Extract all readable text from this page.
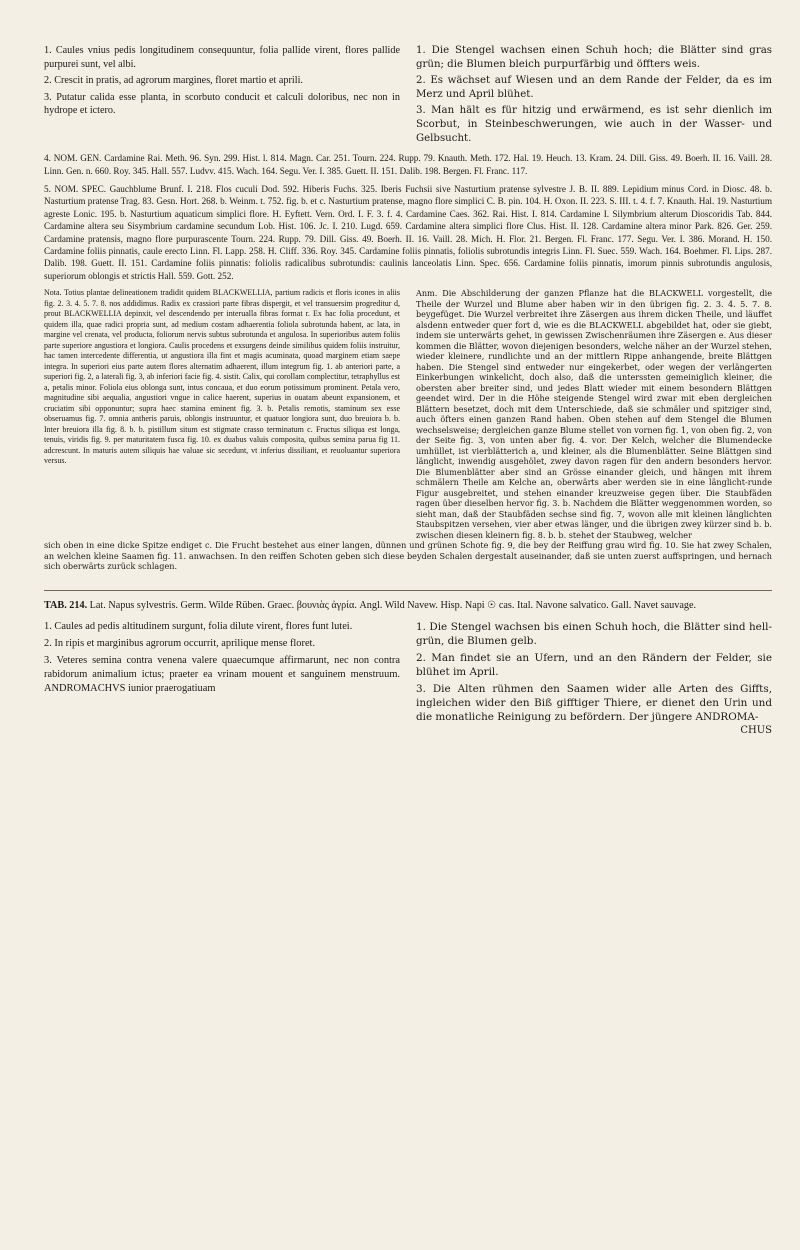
1. Caules vnius pedis longitudinem consequuntur, folia pallide virent, flores pallide purpurei sunt, vel albi.

2. Crescit in pratis, ad agrorum margines, floret martio et aprili.

3. Putatur calida esse planta, in scorbuto conducit et calculi doloribus, nec non in hydrope et ictero.

1. Die Stengel wachsen einen Schuh hoch; die Blätter sind gras grün; die Blumen bleich purpurfärbig und öffters weis.

2. Es wächset auf Wiesen und an dem Rande der Felder, da es im Merz und April blühet.

3. Man hält es für hitzig und erwärmend, es ist sehr dienlich im Scorbut, in Steinbeschwerungen, wie auch in der Wasser- und Gelbsucht.

4. NOM. GEN. Cardamine Rai. Meth. 96. Syn. 299. Hist. l. 814. Magn. Car. 251. Tourn. 224. Rupp. 79. Knauth. Meth. 172. Hal. 19. Heuch. 13. Kram. 24. Dill. Giss. 49. Boerh. II. 16. Vaill. 28. Linn. Gen. n. 660. Roy. 345. Hall. 557. Ludvv. 415. Wach. 164. Segu. Ver. I. 385. Guett. II. 151. Dalib. 198. Bergen. Fl. Franc. 117.

5. NOM. SPEC. Gauchblume Brunf. I. 218. Flos cuculi Dod. 592. Hiberis Fuchs. 325. Iberis Fuchsii sive Nasturtium pratense sylvestre J. B. II. 889. Lepidium minus Cord. in Diosc. 48. b. Nasturtium pratense Trag. 83. Gesn. Hort. 268. b. Weinm. t. 752. fig. b. et c. Nasturtium pratense, magno flore simplici C. B. pin. 104. H. Oxon. II. 223. S. III. t. 4. f. 7. Knauth. Hal. 19. Nasturtium agreste Lonic. 195. b. Nasturtium aquaticum simplici flore. H. Eyftett. Vern. Ord. I. F. 3. f. 4. Cardamine Caes. 362. Rai. Hist. I. 814. Cardamine I. Silymbrium alterum Dioscoridis Tab. 844. Cardamine altera seu Sisymbrium cardamine secundum Lob. Hist. 106. Jc. I. 210. Lugd. 659. Cardamine altera simplici flore Clus. Hist. II. 128. Cardamine altera minor Park. 826. Ger. 259. Cardamine pratensis, magno flore purpurascente Tourn. 224. Rupp. 79. Dill. Giss. 49. Boerh. II. 16. Vaill. 28. Mich. H. Flor. 21. Bergen. Fl. Franc. 177. Segu. Ver. I. 386. Morand. H. 150. Cardamine foliis pinnatis, caule erecto Linn. Fl. Lapp. 258. H. Cliff. 336. Roy. 345. Cardamine foliis pinnatis, foliolis subrotundis integris Linn. Fl. Suec. 559. Wach. 164. Boehmer. Fl. Lips. 287. Dalib. 198. Guett. II. 151. Cardamine foliis pinnatis: foliolis radicalibus subrotundis: caulinis lanceolatis Linn. Spec. 656. Cardamine foliis pinnatis, imorum pinnis subrotundis angulosis, superiorum oblongis et strictis Hall. 559. Gott. 252.

Nota. Totius plantae delineationem tradidit quidem BLACKWELLIA, partium radicis et floris icones in aliis fig. 2. 3. 4. 5. 7. 8. nos addidimus. Radix ex crassiori parte fibras dispergit, et vel transuersim progreditur d, prout BLACKWELLIA depinxit, vel descendendo per interualla fibras format r. Ex hac folia procedunt, et quidem illa, quae radici propria sunt, ad medium costam adhaerentia foliola subrotunda habent, ac lata, in margine vel crenata, vel producta, foliorum nervis subtus subrotunda et angulosa. In superioribus autem foliis parte superiore angustiora et longiora. Caulis procedens et exsurgens deinde similibus quidem foliis instruitur, hac tamen intercedente differentia, ut angustiora illa fint et magis acuminata, quoad marginem etiam saepe integra. In superiori eius parte autem flores alternatim adhaerent, illum integrum fig. 1. ab anteriori parte, a superiori fig. 2, a laterali fig. 3, ab inferiori facie fig. 4. sistit. Calix, qui corollam complectitur, tetraphyllus est a, petalis minor. Foliola eius oblonga sunt, intus concaua, et duo eorum potissimum prominent. Petala vero, magnitudine sibi aequalia, angustiori vngue in calice haerent, superius in ouatam abeunt expansionem, et cruciatim sibi opponuntur; supra haec stamina eminent fig. 3. b. Petalis remotis, staminum sex esse obseruamus fig. 7. omnia antheris paruis, oblongis instruuntur, et quatuor longiora sunt, duo breuiora b. b. Inter breuiora illa fig. 8. b. b. pistillum situm est stigmate crasso terminatum c. Fructus siliqua est longa, tenuis, viridis fig. 9. per maturitatem fusca fig. 10. ex duabus valuis composita, quibus semina parua fig 11. adcrescunt. In maturis autem siliquis hae valuae sic secedunt, vt inferius dissiliant, et reuoluantur superiora versus.
Anm. Die Abschilderung der ganzen Pflanze hat die BLACKWELL vorgestellt, die Theile der Wurzel und Blume aber haben wir in den übrigen fig. 2. 3. 4. 5. 7. 8. beygefüget. Die Wurzel verbreitet ihre Zäsergen aus ihrem dicken Theile, und läuffet alsdenn entweder quer fort d, wie es die BLACKWELL abgebildet hat, oder sie giebt, indem sie unterwärts gehet, in gewissen Zwischenräumen ihre Zäsergen e. Aus dieser kommen die Blätter, wovon diejenigen besonders, welche näher an der Wurzel stehen, wieder kleinere, rundlichte und an der mittlern Rippe anhangende, breite Blättgen haben. Die Stengel sind entweder nur eingekerbet, oder wegen der verlängerten Einkerbungen winkelicht, doch also, daß die unterssten gemeiniglich kleiner, die obersten aber breiter sind, und jedes Blatt wieder mit einem besondern Blättgen geendet wird. Der in die Höhe steigende Stengel wird zwar mit eben dergleichen Blättern besetzet, doch mit dem Unterschiede, daß sie schmäler und spitziger sind, auch öfters einen ganzen Rand haben. Oben stehen auf dem Stengel die Blumen wechselsweise; dergleichen ganze Blume stellet von vornen fig. 1, von oben fig. 2, von der Seite fig. 3, von unten aber fig. 4. vor. Der Kelch, welcher die Blumendecke umhüllet, ist vierblätterich a, und kleiner, als die Blumenblätter. Seine Blättgen sind länglicht, inwendig ausgehölet, zwey davon ragen für den andern besonders hervor. Die Blumenblätter aber sind an Grösse einander gleich, und hängen mit ihrem schmälern Theile am Kelche an, oberwärts aber werden sie in eine länglicht-runde Figur ausgebreitet, und stehen einander kreuzweise gegen über. Die Staubfäden ragen über dieselben hervor fig. 3. b. Nachdem die Blätter weggenommen worden, so sieht man, daß der Staubfäden sechse sind fig. 7, wovon alle mit kleinen länglichten Staubspitzen versehen, vier aber etwas länger, und die übrigen zwey kürzer sind b. b. zwischen diesen kleinern fig. 8. b. b. stehet der Staubweg, welcher

sich oben in eine dicke Spitze endiget c. Die Frucht bestehet aus einer langen, dünnen und grünen Schote fig. 9, die bey der Reiffung grau wird fig. 10. Sie hat zwey Schalen, an welchen kleine Saamen fig. 11. anwachsen. In den reiffen Schoten geben sich diese beyden Schalen dergestalt auseinander, daß sie unten zuerst auffspringen, und hernach sich oberwärts zurück schlagen.

TAB. 214. Lat. Napus sylvestris. Germ. Wilde Rüben. Graec. βουνιὰς ἀγρία. Angl. Wild Navew. Hisp. Napi ☉ cas. Ital. Navone salvatico. Gall. Navet sauvage.

1. Caules ad pedis altitudinem surgunt, folia dilute virent, flores funt lutei.

2. In ripis et marginibus agrorum occurrit, aprilique mense floret.

3. Veteres semina contra venena valere quaecumque affirmarunt, nec non contra rabidorum animalium ictus; praeter ea vrinam mouent et sanguinem menstruum. ANDROMACHVS iunior praerogatiuam

1. Die Stengel wachsen bis einen Schuh hoch, die Blätter sind hell-grün, die Blumen gelb.

2. Man findet sie an Ufern, und an den Rändern der Felder, sie blühet im April.

3. Die Alten rühmen den Saamen wider alle Arten des Giffts, ingleichen wider den Biß gifftiger Thiere, er dienet den Urin und die monatliche Reinigung zu befördern. Der jüngere ANDROMA-

CHUS
